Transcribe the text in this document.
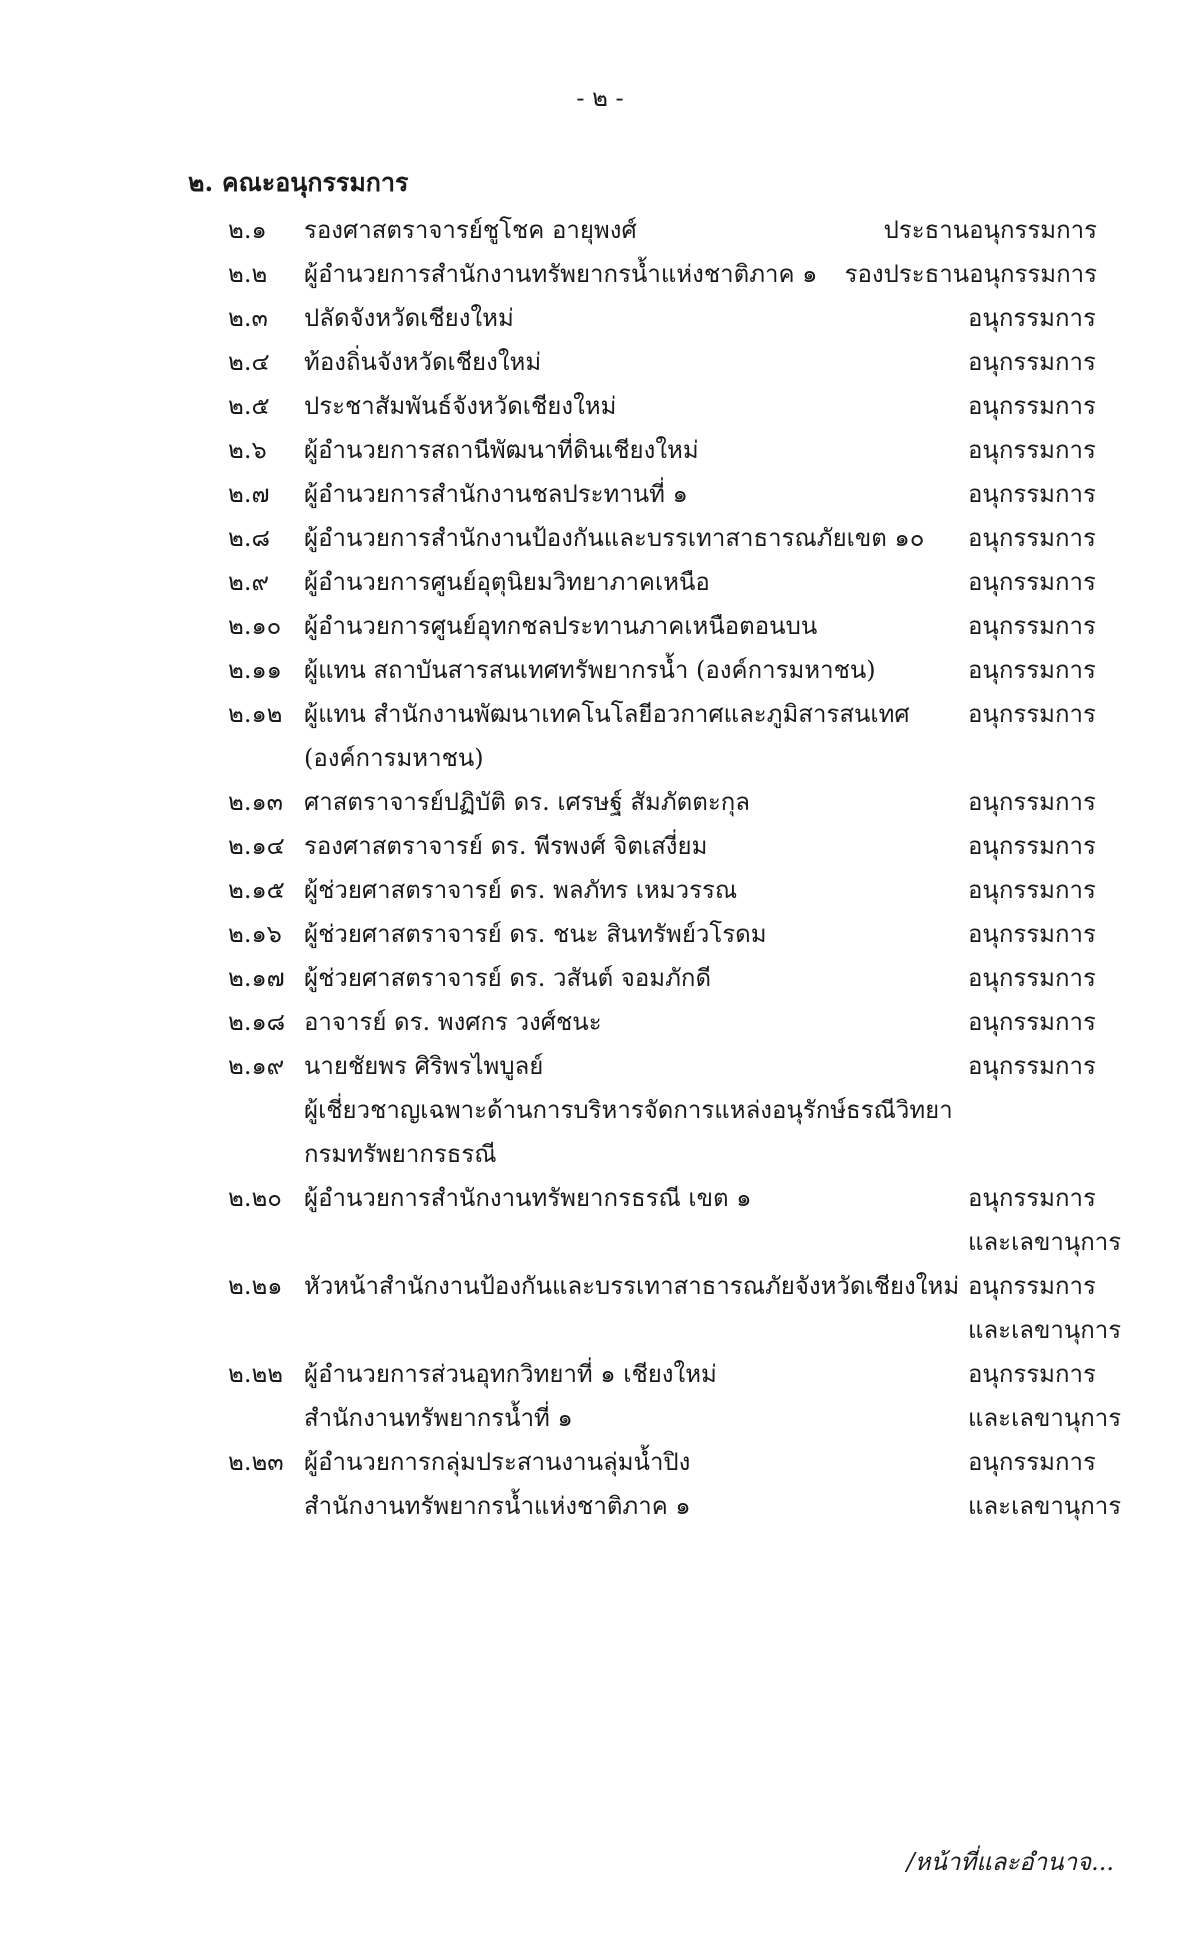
- ๒ -
๒. คณะอนุกรรมการ
๒.๑ รองศาสตราจารย์ชูโชค อายุพงศ์	ประธานอนุกรรมการ
๒.๒ ผู้อำนวยการสำนักงานทรัพยากรน้ำแห่งชาติภาค ๑ รองประธานอนุกรรมการ
๒.๓ ปลัดจังหวัดเชียงใหม่	อนุกรรมการ
๒.๔ ท้องถิ่นจังหวัดเชียงใหม่	อนุกรรมการ
๒.๕ ประชาสัมพันธ์จังหวัดเชียงใหม่	อนุกรรมการ
๒.๖ ผู้อำนวยการสถานีพัฒนาที่ดินเชียงใหม่	อนุกรรมการ
๒.๗ ผู้อำนวยการสำนักงานชลประทานที่ ๑	อนุกรรมการ
๒.๘ ผู้อำนวยการสำนักงานป้องกันและบรรเทาสาธารณภัยเขต ๑๐ อนุกรรมการ
๒.๙ ผู้อำนวยการศูนย์อุตุนิยมวิทยาภาคเหนือ	อนุกรรมการ
๒.๑๐ ผู้อำนวยการศูนย์อุทกชลประทานภาคเหนือตอนบน	อนุกรรมการ
๒.๑๑ ผู้แทน สถาบันสารสนเทศทรัพยากรน้ำ (องค์การมหาชน)	อนุกรรมการ
๒.๑๒ ผู้แทน สำนักงานพัฒนาเทคโนโลยีอวกาศและภูมิสารสนเทศ อนุกรรมการ
(องค์การมหาชน)
๒.๑๓ ศาสตราจารย์ปฏิบัติ ดร. เศรษฐ์ สัมภัตตะกุล	อนุกรรมการ
๒.๑๔ รองศาสตราจารย์ ดร. พีรพงศ์ จิตเสงี่ยม	อนุกรรมการ
๒.๑๕ ผู้ช่วยศาสตราจารย์ ดร. พลภัทร เหมวรรณ	อนุกรรมการ
๒.๑๖ ผู้ช่วยศาสตราจารย์ ดร. ชนะ สินทรัพย์วโรดม	อนุกรรมการ
๒.๑๗ ผู้ช่วยศาสตราจารย์ ดร. วสันต์ จอมภักดี	อนุกรรมการ
๒.๑๘ อาจารย์ ดร. พงศกร วงศ์ชนะ	อนุกรรมการ
๒.๑๙ นายชัยพร ศิริพรไพบูลย์	อนุกรรมการ
ผู้เชี่ยวชาญเฉพาะด้านการบริหารจัดการแหล่งอนุรักษ์ธรณีวิทยา
กรมทรัพยากรธรณี
๒.๒๐ ผู้อำนวยการสำนักงานทรัพยากรธรณี เขต ๑	อนุกรรมการ
และเลขานุการ
๒.๒๑ หัวหน้าสำนักงานป้องกันและบรรเทาสาธารณภัยจังหวัดเชียงใหม่ อนุกรรมการ
และเลขานุการ
๒.๒๒ ผู้อำนวยการส่วนอุทกวิทยาที่ ๑ เชียงใหม่	อนุกรรมการ
สำนักงานทรัพยากรน้ำที่ ๑	และเลขานุการ
๒.๒๓ ผู้อำนวยการกลุ่มประสานงานลุ่มน้ำปิง	อนุกรรมการ
สำนักงานทรัพยากรน้ำแห่งชาติภาค ๑	และเลขานุการ
/หน้าที่และอำนาจ...
